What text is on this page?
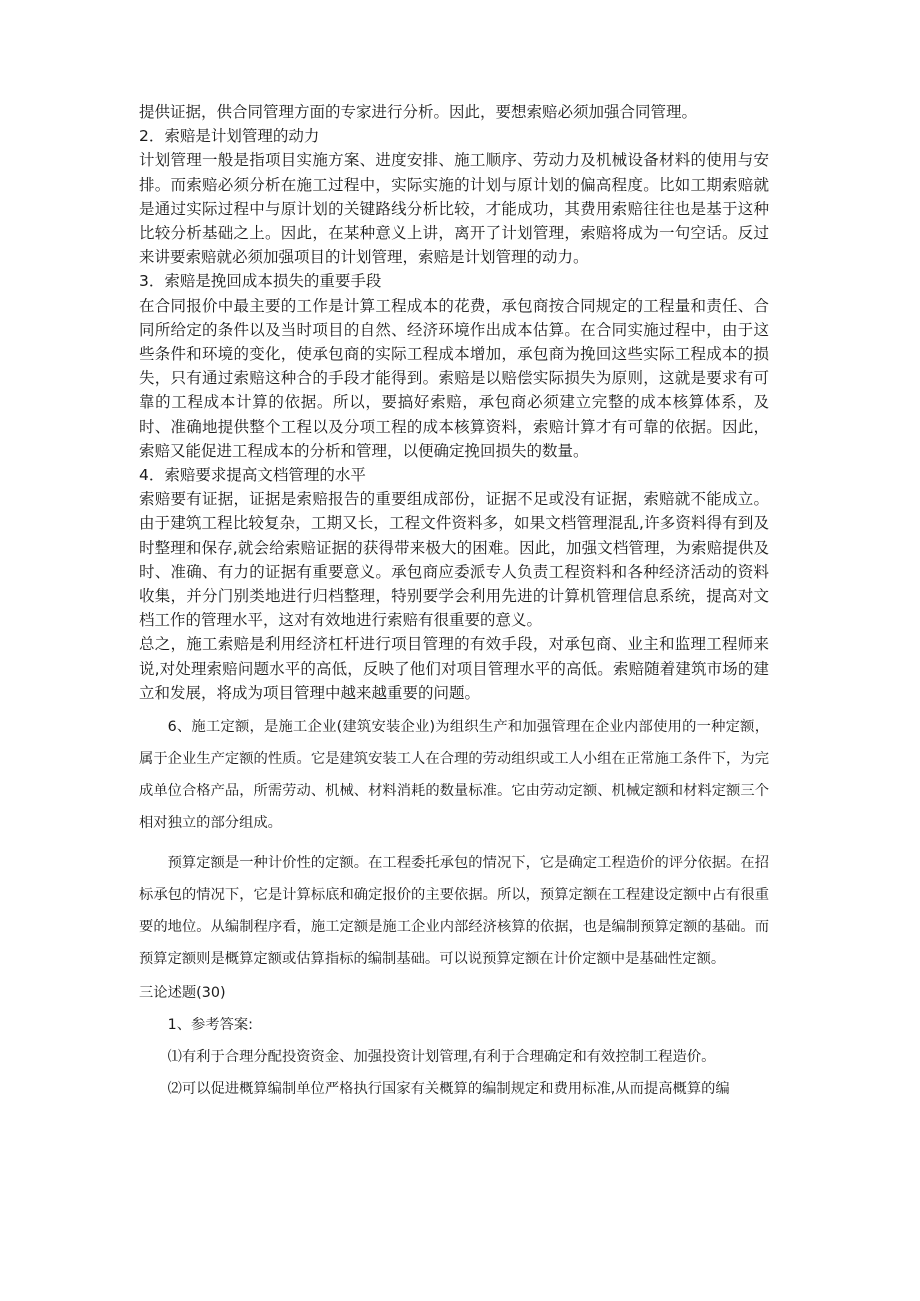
提供证据，供合同管理方面的专家进行分析。因此，要想索赔必须加强合同管理。

2．索赔是计划管理的动力

计划管理一般是指项目实施方案、进度安排、施工顺序、劳动力及机械设备材料的使用与安排。而索赔必须分析在施工过程中，实际实施的计划与原计划的偏高程度。比如工期索赔就是通过实际过程中与原计划的关键路线分析比较，才能成功，其费用索赔往往也是基于这种比较分析基础之上。因此，在某种意义上讲，离开了计划管理，索赔将成为一句空话。反过来讲要索赔就必须加强项目的计划管理，索赔是计划管理的动力。

3．索赔是挽回成本损失的重要手段

在合同报价中最主要的工作是计算工程成本的花费，承包商按合同规定的工程量和责任、合同所给定的条件以及当时项目的自然、经济环境作出成本估算。在合同实施过程中，由于这些条件和环境的变化，使承包商的实际工程成本增加，承包商为挽回这些实际工程成本的损失，只有通过索赔这种合的手段才能得到。索赔是以赔偿实际损失为原则，这就是要求有可靠的工程成本计算的依据。所以，要搞好索赔，承包商必须建立完整的成本核算体系，及时、准确地提供整个工程以及分项工程的成本核算资料，索赔计算才有可靠的依据。因此，索赔又能促进工程成本的分析和管理，以便确定挽回损失的数量。

4．索赔要求提高文档管理的水平

索赔要有证据，证据是索赔报告的重要组成部份，证据不足或没有证据，索赔就不能成立。由于建筑工程比较复杂，工期又长，工程文件资料多，如果文档管理混乱,许多资料得有到及时整理和保存,就会给索赔证据的获得带来极大的困难。因此，加强文档管理，为索赔提供及时、准确、有力的证据有重要意义。承包商应委派专人负责工程资料和各种经济活动的资料收集，并分门别类地进行归档整理，特别要学会利用先进的计算机管理信息系统，提高对文档工作的管理水平，这对有效地进行索赔有很重要的意义。

总之，施工索赔是利用经济杠杆进行项目管理的有效手段，对承包商、业主和监理工程师来说,对处理索赔问题水平的高低，反映了他们对项目管理水平的高低。索赔随着建筑市场的建立和发展，将成为项目管理中越来越重要的问题。

6、施工定额，是施工企业(建筑安装企业)为组织生产和加强管理在企业内部使用的一种定额，属于企业生产定额的性质。它是建筑安装工人在合理的劳动组织或工人小组在正常施工条件下，为完成单位合格产品，所需劳动、机械、材料消耗的数量标准。它由劳动定额、机械定额和材料定额三个相对独立的部分组成。

预算定额是一种计价性的定额。在工程委托承包的情况下，它是确定工程造价的评分依据。在招标承包的情况下，它是计算标底和确定报价的主要依据。所以，预算定额在工程建设定额中占有很重要的地位。从编制程序看，施工定额是施工企业内部经济核算的依据，也是编制预算定额的基础。而预算定额则是概算定额或估算指标的编制基础。可以说预算定额在计价定额中是基础性定额。

三论述题(30)

1、参考答案:

⑴有利于合理分配投资资金、加强投资计划管理,有利于合理确定和有效控制工程造价。

⑵可以促进概算编制单位严格执行国家有关概算的编制规定和费用标准,从而提高概算的编
